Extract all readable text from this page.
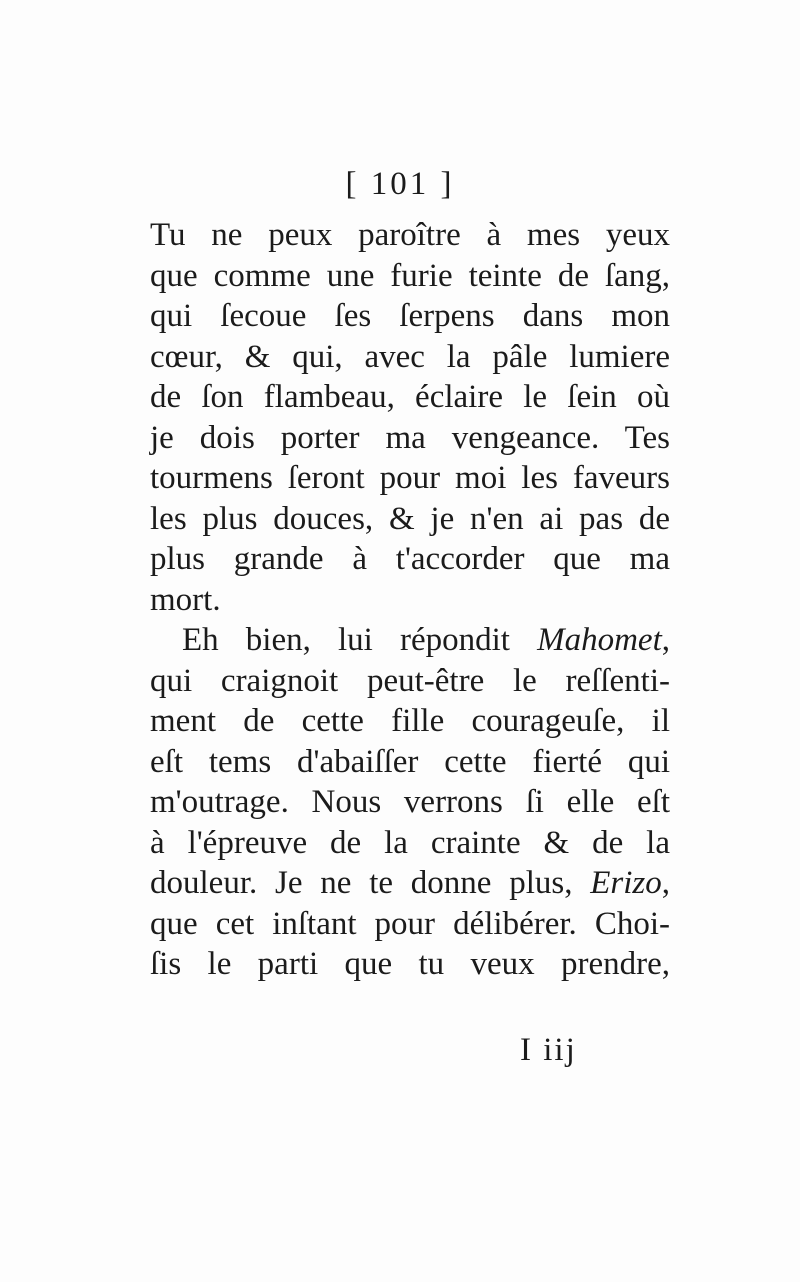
[ 101 ]
Tu ne peux paroître à mes yeux
que comme une furie teinte de ſang,
qui ſecoue ſes ſerpens dans mon
cœur, & qui, avec la pâle lumiere
de ſon flambeau, éclaire le ſein où
je dois porter ma vengeance. Tes
tourmens ſeront pour moi les faveurs
les plus douces, & je n'en ai pas de
plus grande à t'accorder que ma
mort.
Eh bien, lui répondit Mahomet,
qui craignoit peut-être le reſſenti-
ment de cette fille courageuſe, il
eſt tems d'abaiſſer cette fierté qui
m'outrage. Nous verrons ſi elle eſt
à l'épreuve de la crainte & de la
douleur. Je ne te donne plus, Erizo,
que cet inſtant pour délibérer. Choi-
ſis le parti que tu veux prendre,
I iij
